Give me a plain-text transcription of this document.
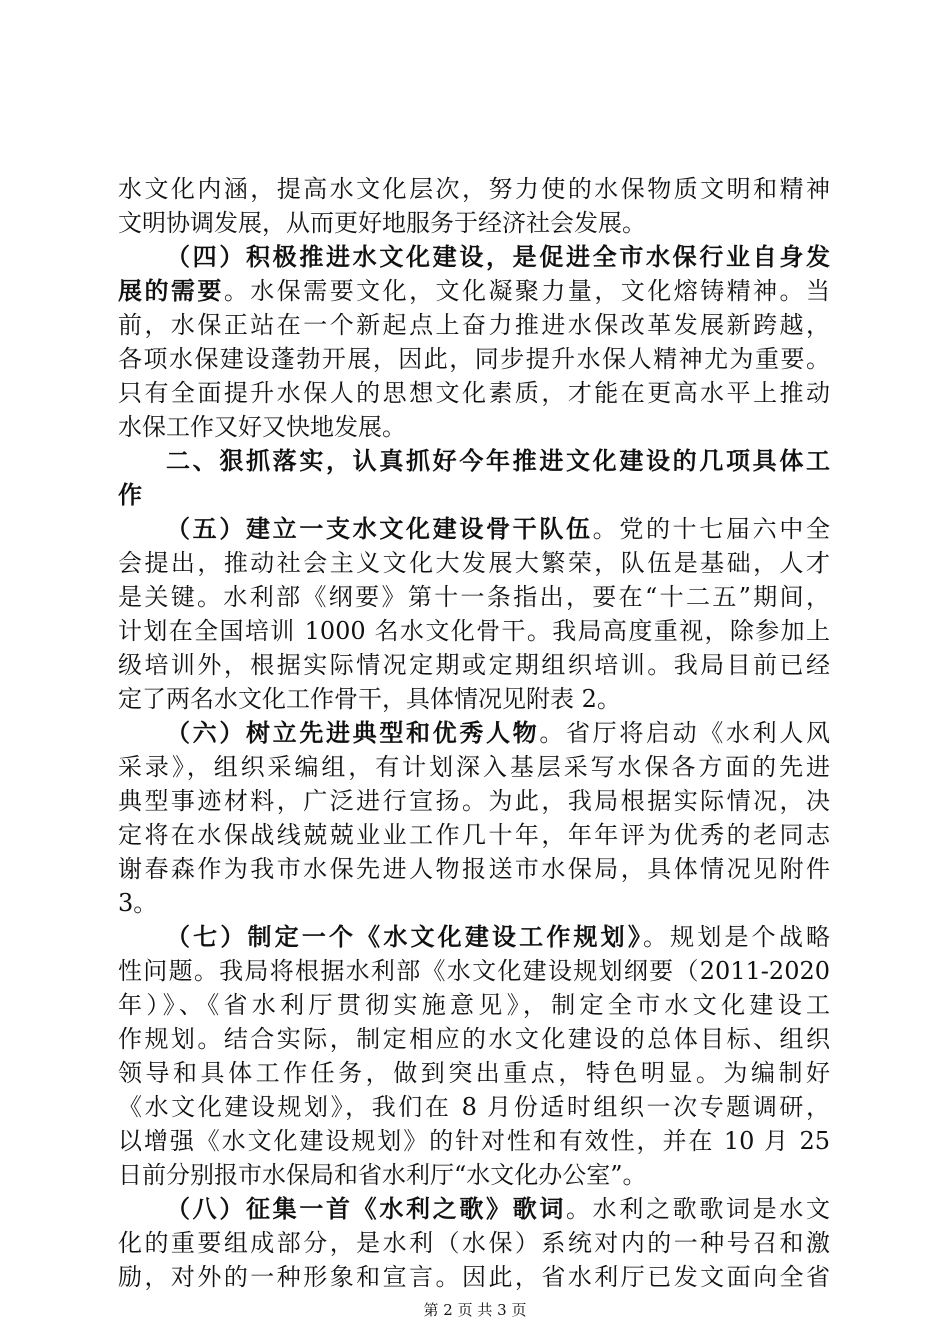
水文化内涵，提高水文化层次，努力使的水保物质文明和精神
文明协调发展，从而更好地服务于经济社会发展。
（四）积极推进水文化建设，是促进全市水保行业自身发
展的需要。水保需要文化，文化凝聚力量，文化熔铸精神。当
前，水保正站在一个新起点上奋力推进水保改革发展新跨越，
各项水保建设蓬勃开展，因此，同步提升水保人精神尤为重要。
只有全面提升水保人的思想文化素质，才能在更高水平上推动
水保工作又好又快地发展。
二、狠抓落实，认真抓好今年推进文化建设的几项具体工
作
（五）建立一支水文化建设骨干队伍。党的十七届六中全
会提出，推动社会主义文化大发展大繁荣，队伍是基础，人才
是关键。水利部《纲要》第十一条指出，要在“十二五”期间，
计划在全国培训 1000 名水文化骨干。我局高度重视，除参加上
级培训外，根据实际情况定期或定期组织培训。我局目前已经
定了两名水文化工作骨干，具体情况见附表 2。
（六）树立先进典型和优秀人物。省厅将启动《水利人风
采录》，组织采编组，有计划深入基层采写水保各方面的先进
典型事迹材料，广泛进行宣扬。为此，我局根据实际情况，决
定将在水保战线兢兢业业工作几十年，年年评为优秀的老同志
谢春森作为我市水保先进人物报送市水保局，具体情况见附件
3。
（七）制定一个《水文化建设工作规划》。规划是个战略
性问题。我局将根据水利部《水文化建设规划纲要（2011-2020
年）》、《省水利厅贯彻实施意见》，制定全市水文化建设工
作规划。结合实际，制定相应的水文化建设的总体目标、组织
领导和具体工作任务，做到突出重点，特色明显。为编制好
《水文化建设规划》，我们在 8 月份适时组织一次专题调研，
以增强《水文化建设规划》的针对性和有效性，并在 10 月 25
日前分别报市水保局和省水利厅“水文化办公室”。
（八）征集一首《水利之歌》歌词。水利之歌歌词是水文
化的重要组成部分，是水利（水保）系统对内的一种号召和激
励，对外的一种形象和宣言。因此，省水利厅已发文面向全省
第 2 页 共 3 页
